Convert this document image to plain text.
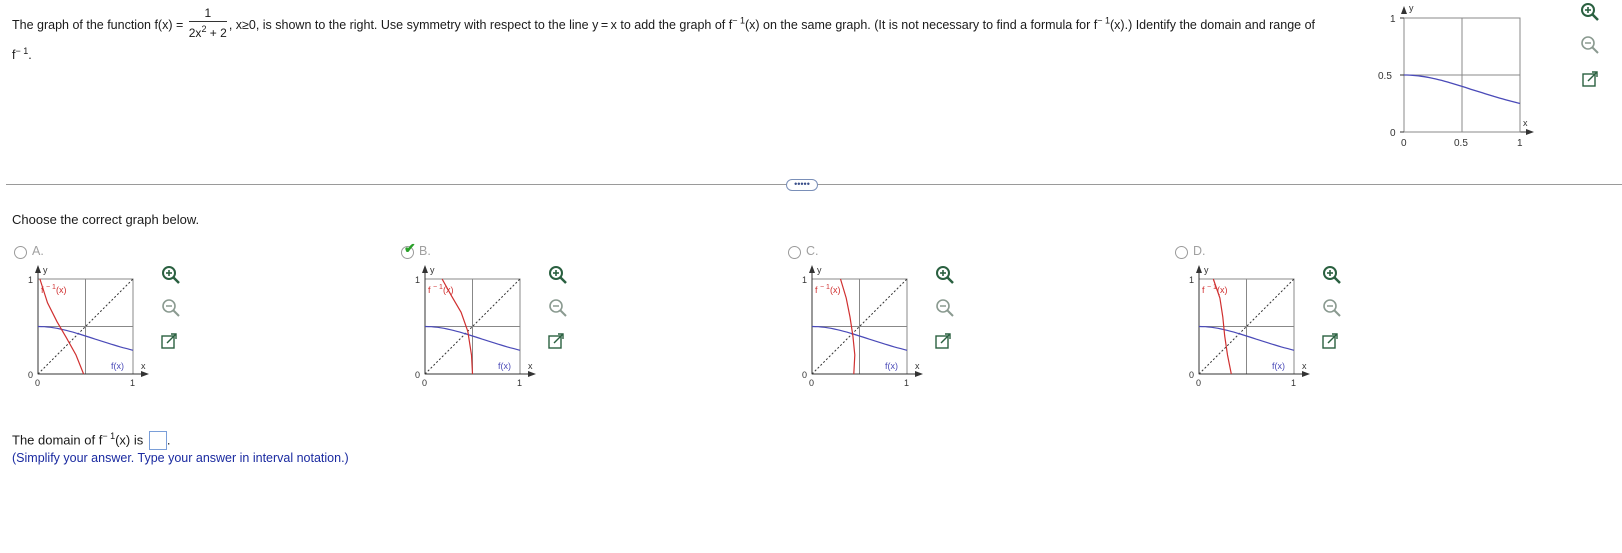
The graph of the function $f(x) = \frac{1}{2x^2 + 2}$ , x≥0, is shown to the right. Use symmetry with respect to the line y = x to add the graph of $f^{- 1}(x)$ on the same graph. (It is not necessary to find a formula for $f^{- 1}(x)$.) Identify the domain and range of
$f^{- 1}$.
1
0.5
0
0	0.5	1
y
x
•••••
Choose the correct graph below.
A.
1
0
0	1
y
x
f(x)
f − 1 (x)
✔ B.
1
0
0	1
y
x
f(x)
f − 1 (x)
C.
1
0
0	1
y
x
f(x)
f − 1 (x)
D.
1
0
0	1
y
x
f(x)
f − 1 (x)
The domain of $f^{- 1}(x)$ is .
(Simplify your answer. Type your answer in interval notation.)
